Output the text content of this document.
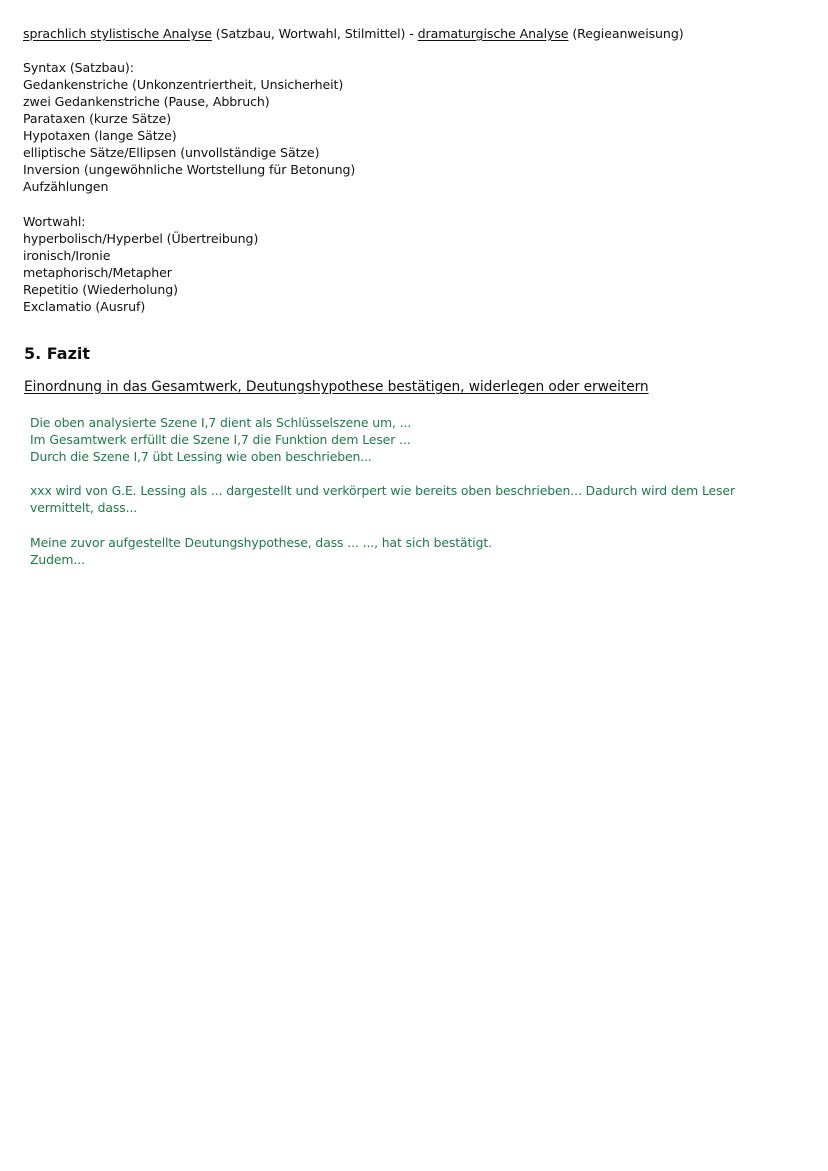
sprachlich stylistische Analyse (Satzbau, Wortwahl, Stilmittel) - dramaturgische Analyse (Regieanweisung)
Syntax (Satzbau):
Gedankenstriche (Unkonzentriertheit, Unsicherheit)
zwei Gedankenstriche (Pause, Abbruch)
Parataxen (kurze Sätze)
Hypotaxen (lange Sätze)
elliptische Sätze/Ellipsen (unvollständige Sätze)
Inversion (ungewöhnliche Wortstellung für Betonung)
Aufzählungen
Wortwahl:
hyperbolisch/Hyperbel (Übertreibung)
ironisch/Ironie
metaphorisch/Metapher
Repetitio (Wiederholung)
Exclamatio (Ausruf)
5. Fazit
Einordnung in das Gesamtwerk, Deutungshypothese bestätigen, widerlegen oder erweitern
Die oben analysierte Szene I,7 dient als Schlüsselszene um, ...
Im Gesamtwerk erfüllt die Szene I,7 die Funktion dem Leser ...
Durch die Szene I,7 übt Lessing wie oben beschrieben...
xxx wird von G.E. Lessing als ... dargestellt und verkörpert wie bereits oben beschrieben... Dadurch wird dem Leser
vermittelt, dass...
Meine zuvor aufgestellte Deutungshypothese, dass ... ..., hat sich bestätigt.
Zudem...
